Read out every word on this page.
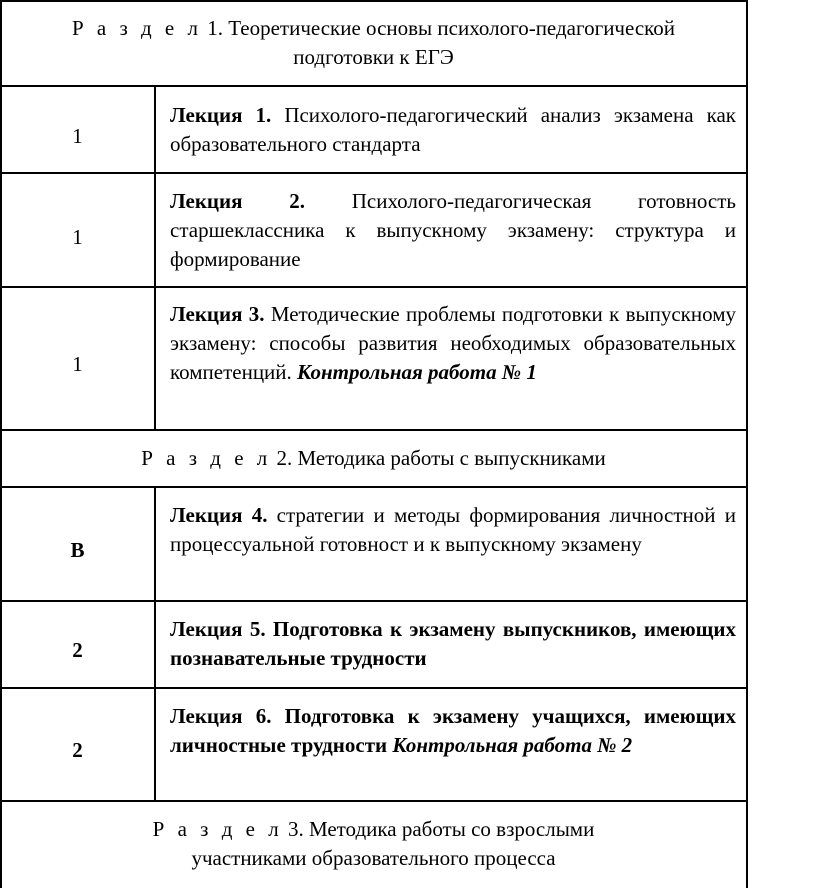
Р а з д е л 1. Теоретические основы психолого-педагогической
подготовки к ЕГЭ
1
Лекция 1. Психолого-педагогический анализ экзамена как образовательного стандарта
1
Лекция 2. Психолого-педагогическая готовность старшеклассника к выпускному экзамену: структура и формирование
1
Лекция 3. Методические проблемы подготовки к выпускному экзамену: способы развития необходимых образовательных компетенций. Контрольная работа № 1
Р а з д е л 2. Методика работы с выпускниками
В
Лекция 4. стратегии и методы формирования личностной и процессуальной готовност и к выпускному экзамену
2
Лекция 5. Подготовка к экзамену выпускников, имеющих познавательные трудности
2
Лекция 6. Подготовка к экзамену учащихся, имеющих личностные трудности Контрольная работа № 2
Р а з д е л 3. Методика работы со взрослыми
участниками образовательного процесса
